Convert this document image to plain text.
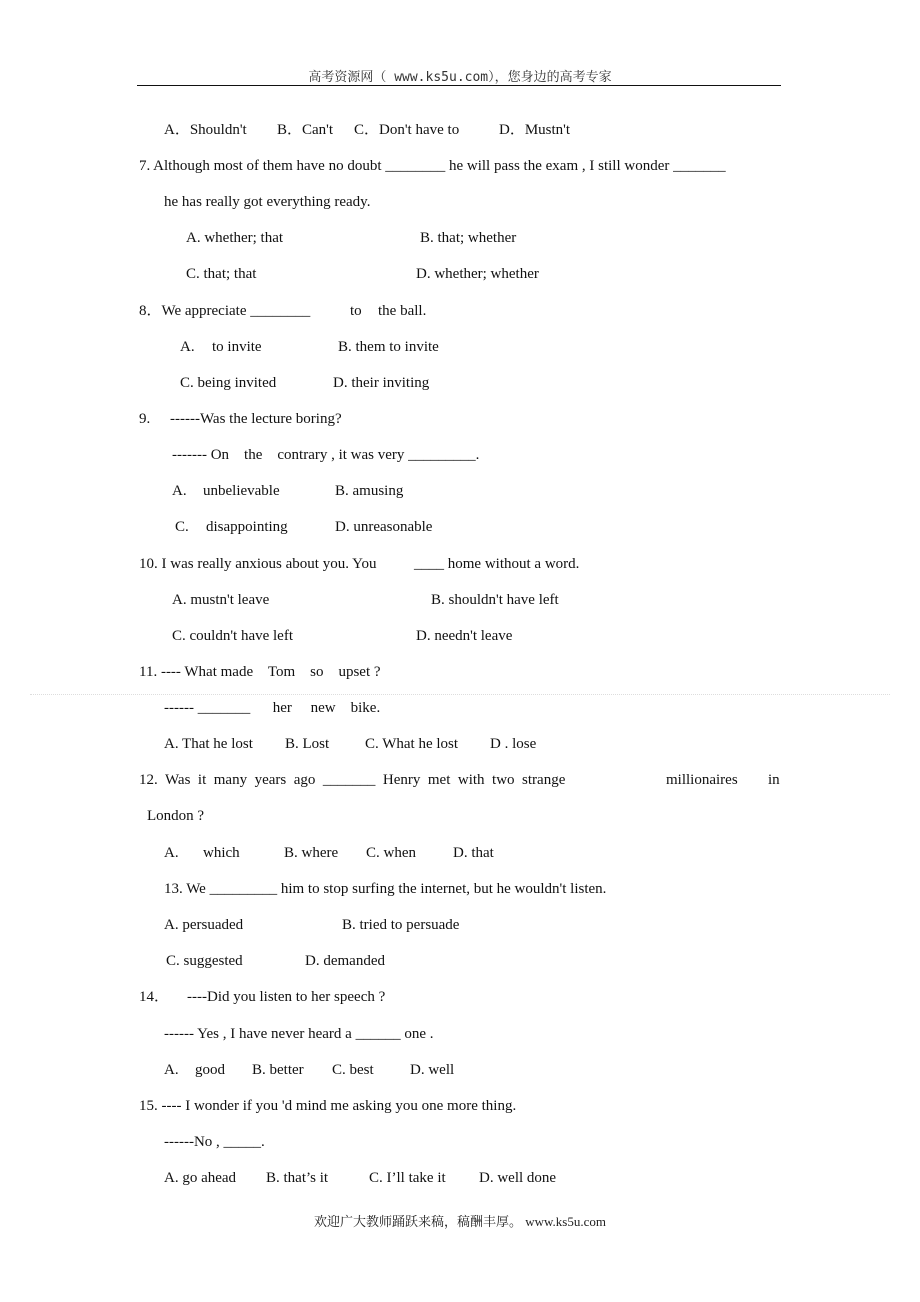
高考资源网（ www.ks5u.com），您身边的高考专家
A．Shouldn't B．Can't C．Don't have to	D．Mustn't
7. Although most of them have no doubt ________ he will pass the exam , I still wonder _______
he has really got everything ready.
A. whether; that	B. that; whether
C. that; that	D. whether; whether
8．We appreciate ________	to the ball.
A. to invite	B. them to invite
C. being invited	D. their inviting
9. ------Was the lecture boring?
------- On    the    contrary , it was very _________.
A. unbelievable	B. amusing
C. disappointing	D. unreasonable
10. I was really anxious about you. You	____ home without a word.
A. mustn't leave	B. shouldn't have left
C. couldn't have left	D. needn't leave
11. ---- What made    Tom    so    upset ?
------ _______      her     new    bike.
A. That he lost B. Lost C. What he lost D . lose
12.  Was  it  many  years  ago  _______  Henry  met  with  two  strange	millionaires in
London ?
A. which	B. where C. when D. that
13. We _________ him to stop surfing the internet, but he wouldn't listen.
A. persuaded	B. tried to persuade
C. suggested	D. demanded
14． ----Did you listen to her speech ?
------ Yes , I have never heard a ______ one .
A. good B. better C. best D. well
15. ---- I wonder if you 'd mind me asking you one more thing.
------No , _____.
A. go ahead B. that’s it	C. I’ll take it D. well done
欢迎广大教师踊跃来稿，稿酬丰厚。 www.ks5u.com
